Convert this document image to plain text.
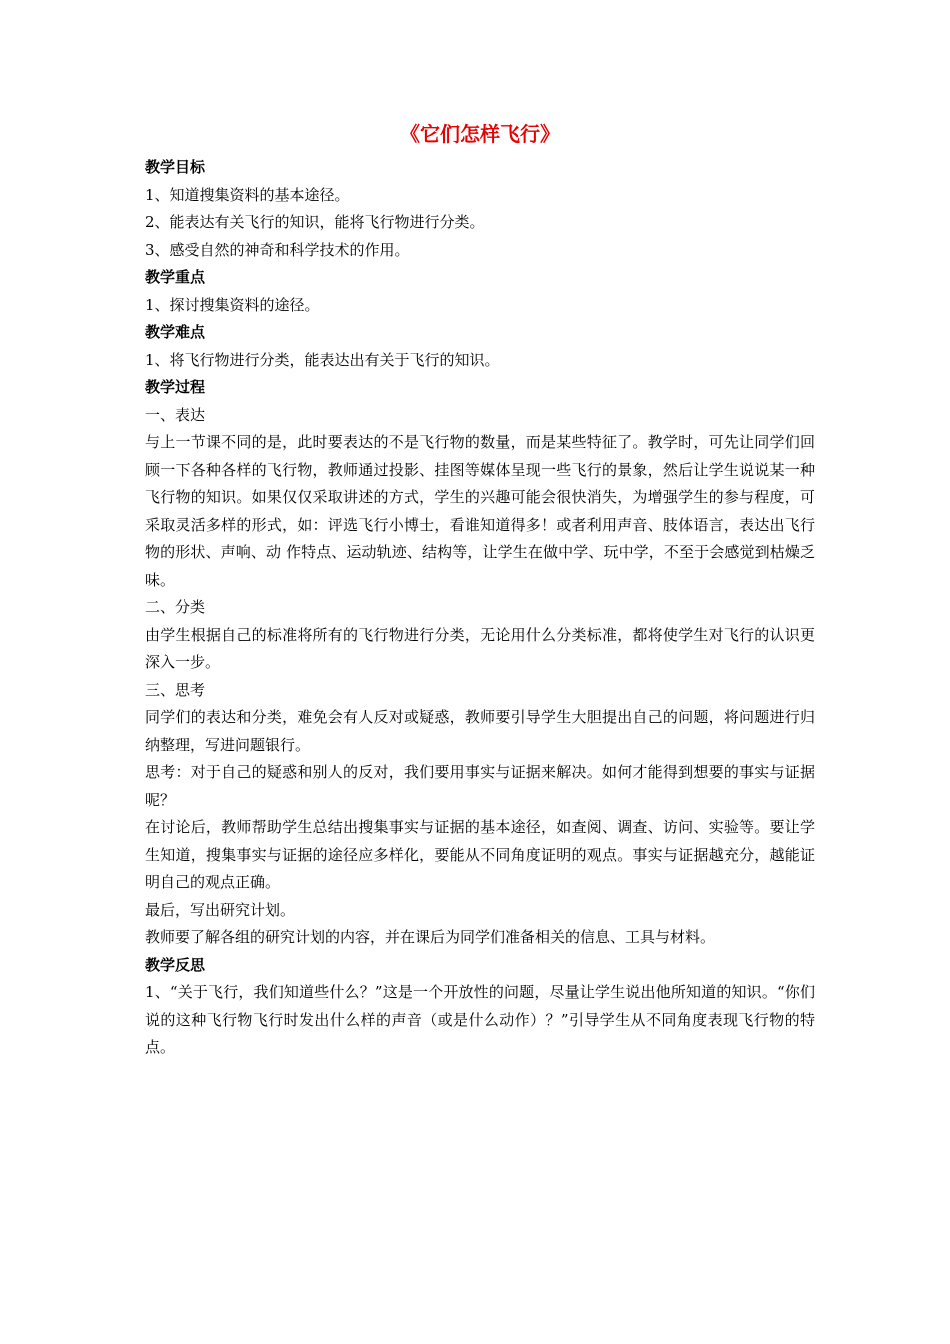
《它们怎样飞行》
教学目标

1、知道搜集资料的基本途径。

2、能表达有关飞行的知识，能将飞行物进行分类。

3、感受自然的神奇和科学技术的作用。

教学重点

1、探讨搜集资料的途径。

教学难点

1、将飞行物进行分类，能表达出有关于飞行的知识。

教学过程

一、表达

与上一节课不同的是，此时要表达的不是飞行物的数量，而是某些特征了。教学时，可先让同学们回顾一下各种各样的飞行物，教师通过投影、挂图等媒体呈现一些飞行的景象，然后让学生说说某一种飞行物的知识。如果仅仅采取讲述的方式，学生的兴趣可能会很快消失，为增强学生的参与程度，可采取灵活多样的形式，如：评选飞行小博士，看谁知道得多！或者利用声音、肢体语言，表达出飞行物的形状、声响、动 作特点、运动轨迹、结构等，让学生在做中学、玩中学，不至于会感觉到枯燥乏味。

二、分类

由学生根据自己的标准将所有的飞行物进行分类，无论用什么分类标准，都将使学生对飞行的认识更深入一步。

三、思考

同学们的表达和分类，难免会有人反对或疑惑，教师要引导学生大胆提出自己的问题，将问题进行归纳整理，写进问题银行。

思考：对于自己的疑惑和别人的反对，我们要用事实与证据来解决。如何才能得到想要的事实与证据呢？

在讨论后，教师帮助学生总结出搜集事实与证据的基本途径，如查阅、调查、访问、实验等。要让学生知道，搜集事实与证据的途径应多样化，要能从不同角度证明的观点。事实与证据越充分，越能证明自己的观点正确。

最后，写出研究计划。

教师要了解各组的研究计划的内容，并在课后为同学们准备相关的信息、工具与材料。

教学反思

1、“关于飞行，我们知道些什么？”这是一个开放性的问题，尽量让学生说出他所知道的知识。“你们说的这种飞行物飞行时发出什么样的声音（或是什么动作）？”引导学生从不同角度表现飞行物的特点。
